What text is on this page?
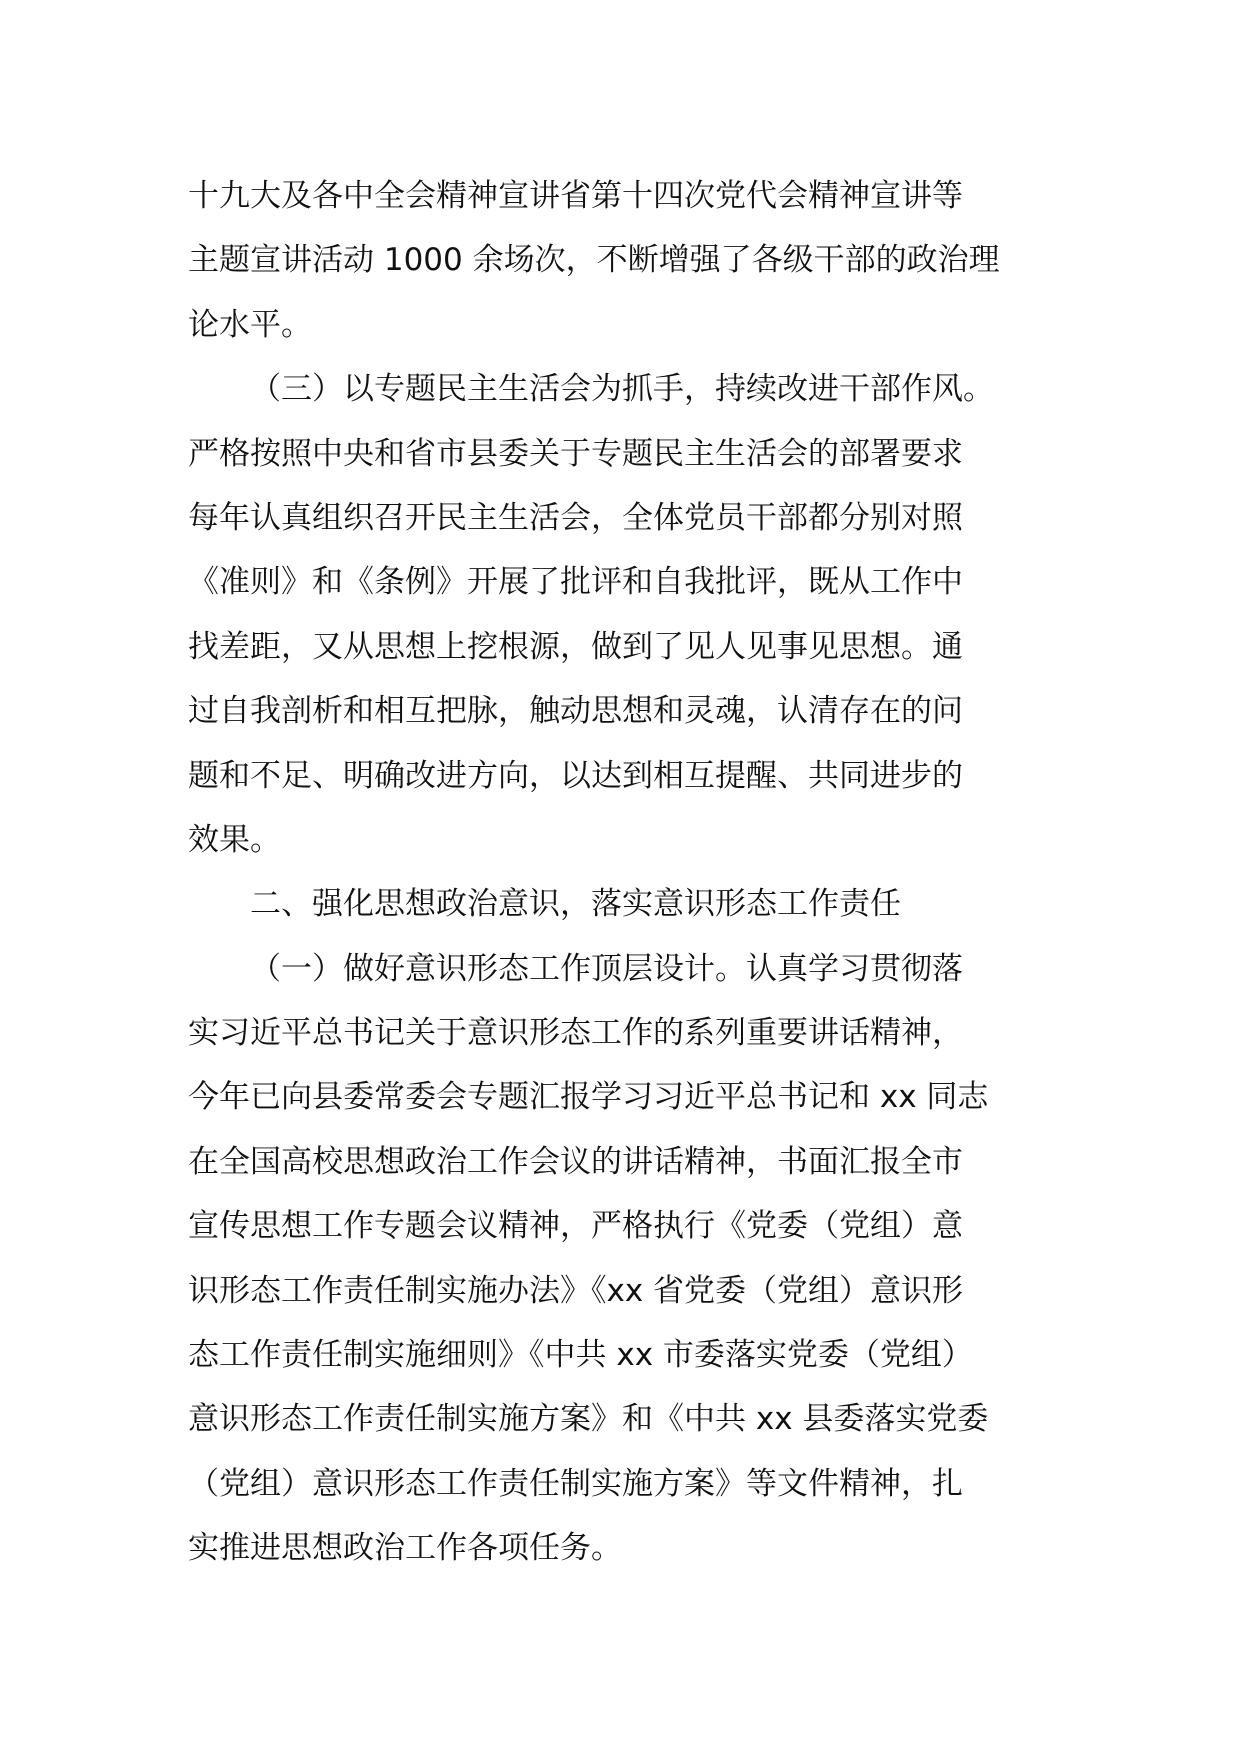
十九大及各中全会精神宣讲省第十四次党代会精神宣讲等
主题宣讲活动 1000 余场次，不断增强了各级干部的政治理
论水平。
（三）以专题民主生活会为抓手，持续改进干部作风。
严格按照中央和省市县委关于专题民主生活会的部署要求
每年认真组织召开民主生活会，全体党员干部都分别对照
《准则》和《条例》开展了批评和自我批评，既从工作中
找差距，又从思想上挖根源，做到了见人见事见思想。通
过自我剖析和相互把脉，触动思想和灵魂，认清存在的问
题和不足、明确改进方向，以达到相互提醒、共同进步的
效果。
二、强化思想政治意识，落实意识形态工作责任
（一）做好意识形态工作顶层设计。认真学习贯彻落
实习近平总书记关于意识形态工作的系列重要讲话精神，
今年已向县委常委会专题汇报学习习近平总书记和 xx 同志
在全国高校思想政治工作会议的讲话精神，书面汇报全市
宣传思想工作专题会议精神，严格执行《党委（党组）意
识形态工作责任制实施办法》《xx 省党委（党组）意识形
态工作责任制实施细则》《中共 xx 市委落实党委（党组）
意识形态工作责任制实施方案》和《中共 xx 县委落实党委
（党组）意识形态工作责任制实施方案》等文件精神，扎
实推进思想政治工作各项任务。
